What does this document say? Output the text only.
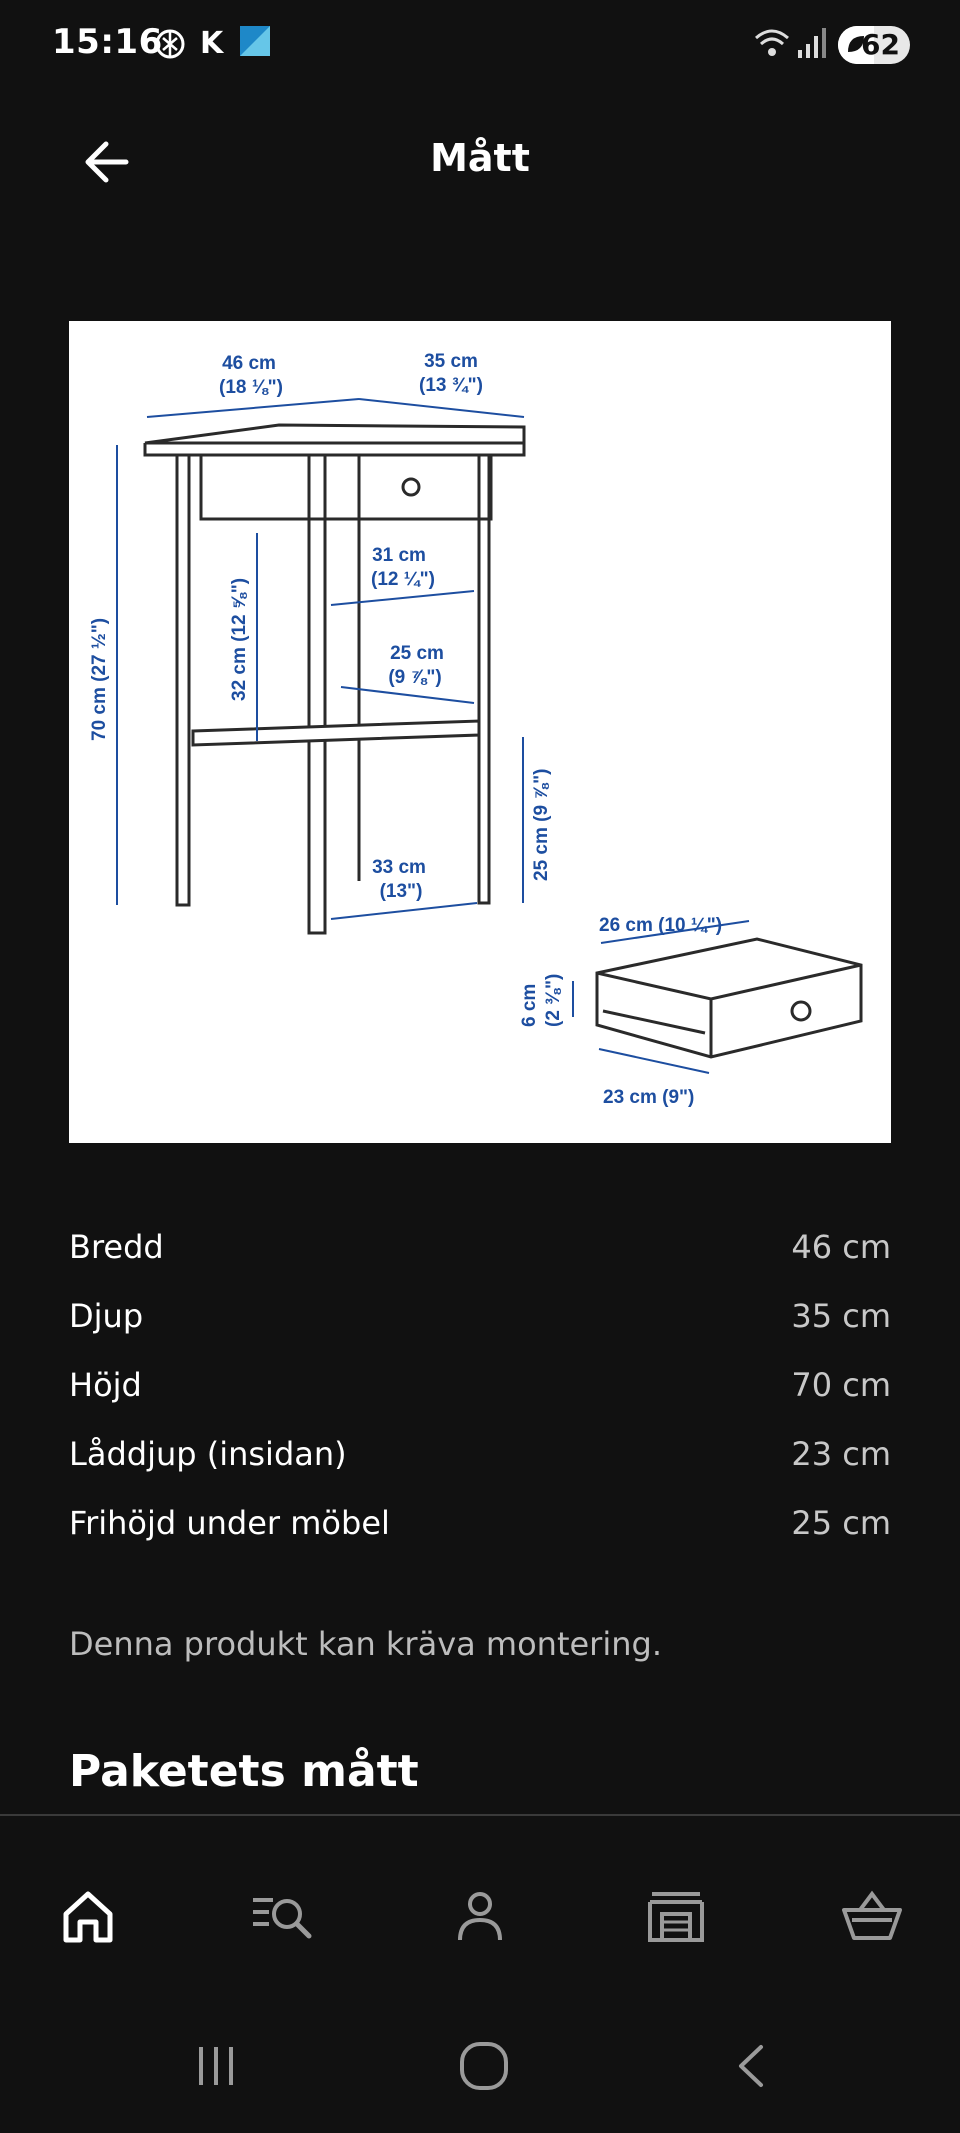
15:16 K	62
Mått
46 cm
(18 ⅛")
35 cm
(13 ¾")
31 cm
(12 ¼")
25 cm
(9 ⅞")
70 cm (27 ½")	32 cm (12 ⅝")
25 cm (9 ⅞")
33 cm
(13")
26 cm (10 ¼")
6 cm (2 ⅜")
23 cm (9")
Bredd	46 cm
Djup	35 cm
Höjd	70 cm
Låddjup (insidan)	23 cm
Frihöjd under möbel	25 cm
Denna produkt kan kräva montering.
Paketets mått
